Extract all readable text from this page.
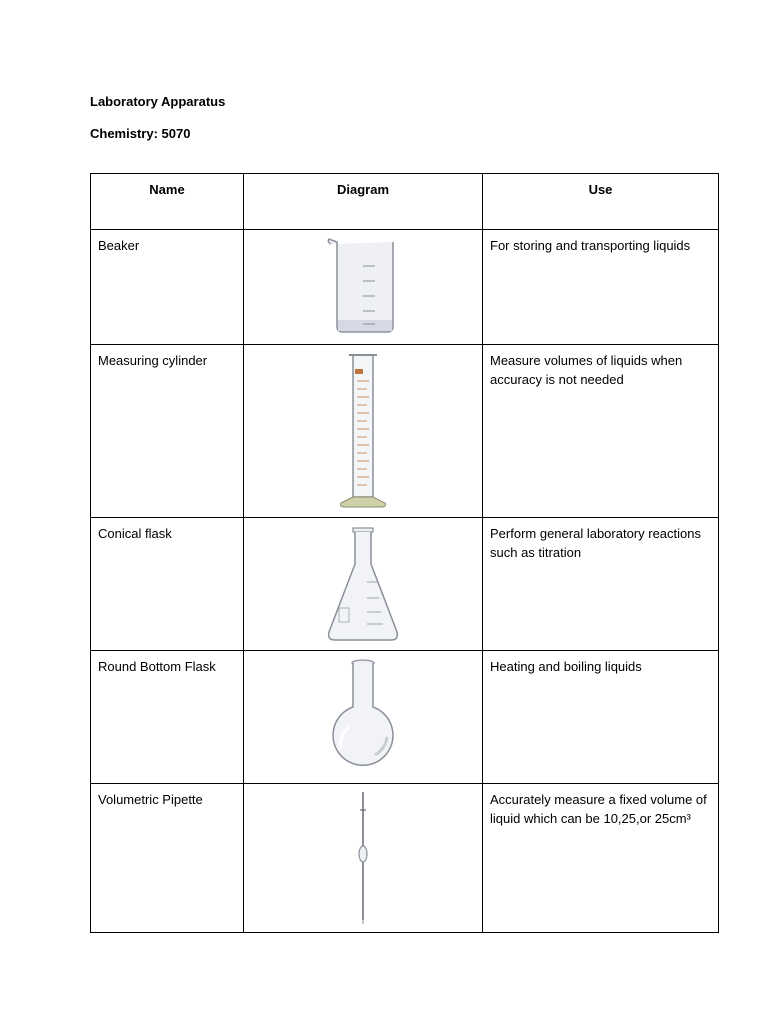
Laboratory Apparatus
Chemistry: 5070
Name	Diagram	Use
Beaker		For storing and transporting liquids
Measuring cylinder		Measure volumes of liquids when accuracy is not needed
Conical flask		Perform general laboratory reactions such as titration
Round Bottom Flask		Heating and boiling liquids
Volumetric Pipette		Accurately measure a fixed volume of liquid which can be 10,25,or 25cm³
